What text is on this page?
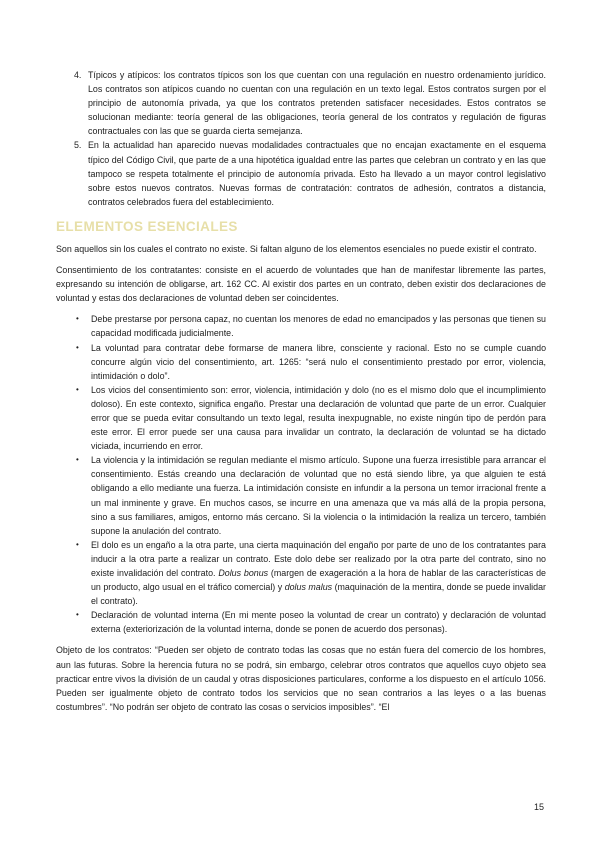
4. Típicos y atípicos: los contratos típicos son los que cuentan con una regulación en nuestro ordenamiento jurídico. Los contratos son atípicos cuando no cuentan con una regulación en un texto legal. Estos contratos surgen por el principio de autonomía privada, ya que los contratos pretenden satisfacer necesidades. Estos contratos se solucionan mediante: teoría general de las obligaciones, teoría general de los contratos y regulación de figuras contractuales con las que se guarda cierta semejanza.
5. En la actualidad han aparecido nuevas modalidades contractuales que no encajan exactamente en el esquema típico del Código Civil, que parte de a una hipotética igualdad entre las partes que celebran un contrato y en las que tampoco se respeta totalmente el principio de autonomía privada. Esto ha llevado a un mayor control legislativo sobre estos nuevos contratos. Nuevas formas de contratación: contratos de adhesión, contratos a distancia, contratos celebrados fuera del establecimiento.
ELEMENTOS ESENCIALES

Son aquellos sin los cuales el contrato no existe. Si faltan alguno de los elementos esenciales no puede existir el contrato.

Consentimiento de los contratantes: consiste en el acuerdo de voluntades que han de manifestar libremente las partes, expresando su intención de obligarse, art. 162 CC. Al existir dos partes en un contrato, deben existir dos declaraciones de voluntad y estas dos declaraciones de voluntad deben ser coincidentes.

• Debe prestarse por persona capaz, no cuentan los menores de edad no emancipados y las personas que tienen su capacidad modificada judicialmente.
• La voluntad para contratar debe formarse de manera libre, consciente y racional. Esto no se cumple cuando concurre algún vicio del consentimiento, art. 1265: “será nulo el consentimiento prestado por error, violencia, intimidación o dolo”.
• Los vicios del consentimiento son: error, violencia, intimidación y dolo (no es el mismo dolo que el incumplimiento doloso). En este contexto, significa engaño. Prestar una declaración de voluntad que parte de un error. Cualquier error que se pueda evitar consultando un texto legal, resulta inexpugnable, no existe ningún tipo de perdón para este error. El error puede ser una causa para invalidar un contrato, la declaración de voluntad se ha dictado viciada, incurriendo en error.
• La violencia y la intimidación se regulan mediante el mismo artículo. Supone una fuerza irresistible para arrancar el consentimiento. Estás creando una declaración de voluntad que no está siendo libre, ya que alguien te está obligando a ello mediante una fuerza. La intimidación consiste en infundir a la persona un temor irracional frente a un mal inminente y grave. En muchos casos, se incurre en una amenaza que va más allá de la propia persona, sino a sus familiares, amigos, entorno más cercano. Si la violencia o la intimidación la realiza un tercero, también supone la anulación del contrato.
• El dolo es un engaño a la otra parte, una cierta maquinación del engaño por parte de uno de los contratantes para inducir a la otra parte a realizar un contrato. Este dolo debe ser realizado por la otra parte del contrato, sino no existe invalidación del contrato. Dolus bonus (margen de exageración a la hora de hablar de las características de un producto, algo usual en el tráfico comercial) y dolus malus (maquinación de la mentira, donde se puede invalidar el contrato).
• Declaración de voluntad interna (En mi mente poseo la voluntad de crear un contrato) y declaración de voluntad externa (exteriorización de la voluntad interna, donde se ponen de acuerdo dos personas).

Objeto de los contratos: “Pueden ser objeto de contrato todas las cosas que no están fuera del comercio de los hombres, aun las futuras. Sobre la herencia futura no se podrá, sin embargo, celebrar otros contratos que aquellos cuyo objeto sea practicar entre vivos la división de un caudal y otras disposiciones particulares, conforme a los dispuesto en el artículo 1056. Pueden ser igualmente objeto de contrato todos los servicios que no sean contrarios a las leyes o a las buenas costumbres”. “No podrán ser objeto de contrato las cosas o servicios imposibles”. “El

15
